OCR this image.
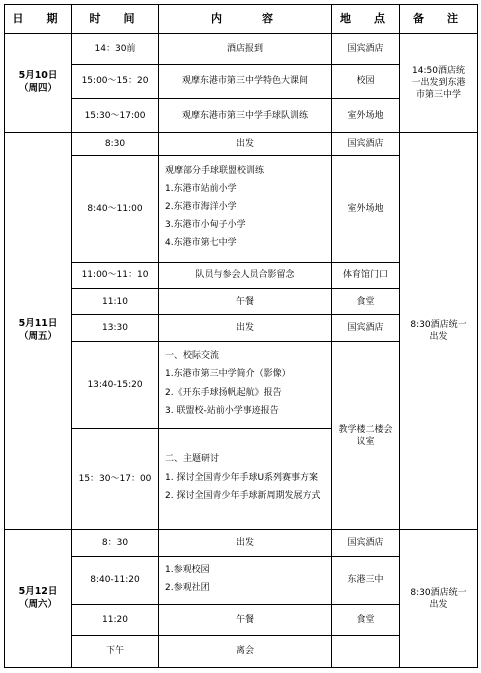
日　期	时　间	内　　容	地　点	备　注

5月10日
（周四）	14：30前	酒店报到	国宾酒店	14:50酒店统一出发到东港市第三中学
	15:00～15：20	观摩东港市第三中学特色大课间	校园	
	15:30～17:00	观摩东港市第三中学手球队训练	室外场地	

5月11日
（周五）	8:30	出发	国宾酒店	8:30酒店统一出发
	8:40～11:00	观摩部分手球联盟校训练
1.东港市站前小学
2.东港市海洋小学
3.东港市小甸子小学
4.东港市第七中学	室外场地	
	11:00～11：10	队员与参会人员合影留念	体育馆门口	
	11:10	午餐	食堂	
	13:30	出发	国宾酒店	
	13:40-15:20	一、校际交流
1.东港市第三中学简介（影像）
2.《开东手球扬帆起航》报告
3. 联盟校-站前小学事迹报告	教学楼二楼会议室	
	15：30～17：00	二、主题研讨
1. 探讨全国青少年手球U系列赛事方案
2. 探讨全国青少年手球新周期发展方式		

5月12日
（周六）	8：30	出发	国宾酒店	8:30酒店统一出发
	8:40-11:20	1.参观校园
2.参观社团	东港三中	
	11:20	午餐	食堂	
	下午	离会		
